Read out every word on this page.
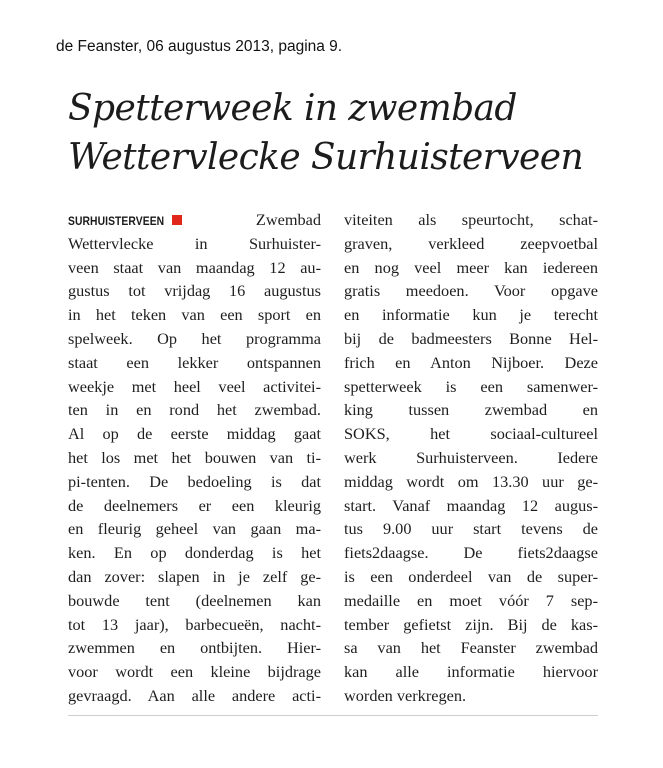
de Feanster, 06 augustus 2013, pagina 9.
Spetterweek in zwembad
Wettervlecke Surhuisterveen
SURHUISTERVEEN	Zwembad
Wettervlecke in Surhuister-
veen staat van maandag 12 au-
gustus tot vrijdag 16 augustus
in het teken van een sport en
spelweek. Op het programma
staat een lekker ontspannen
weekje met heel veel activitei-
ten in en rond het zwembad.
Al op de eerste middag gaat
het los met het bouwen van ti-
pi-tenten. De bedoeling is dat
de deelnemers er een kleurig
en fleurig geheel van gaan ma-
ken. En op donderdag is het
dan zover: slapen in je zelf ge-
bouwde tent (deelnemen kan
tot 13 jaar), barbecueën, nacht-
zwemmen en ontbijten. Hier-
voor wordt een kleine bijdrage
gevraagd. Aan alle andere acti-
viteiten als speurtocht, schat-
graven, verkleed zeepvoetbal
en nog veel meer kan iedereen
gratis meedoen. Voor opgave
en informatie kun je terecht
bij de badmeesters Bonne Hel-
frich en Anton Nijboer. Deze
spetterweek is een samenwer-
king tussen zwembad en
SOKS, het sociaal-cultureel
werk Surhuisterveen. Iedere
middag wordt om 13.30 uur ge-
start. Vanaf maandag 12 augus-
tus 9.00 uur start tevens de
fiets2daagse. De fiets2daagse
is een onderdeel van de super-
medaille en moet vóór 7 sep-
tember gefietst zijn. Bij de kas-
sa van het Feanster zwembad
kan alle informatie hiervoor
worden verkregen.
